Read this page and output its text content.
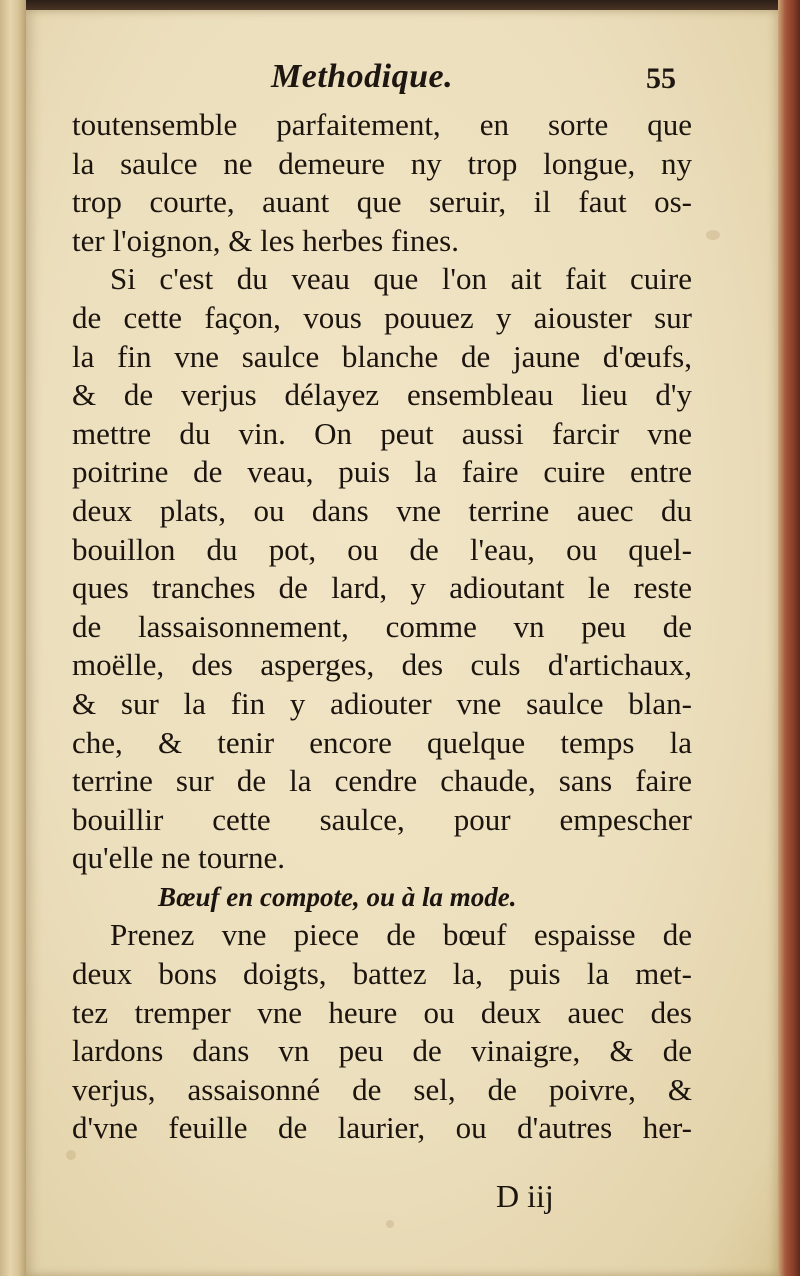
Methodique.	55
toutensemble parfaitement, en sorte que
la saulce ne demeure ny trop longue, ny
trop courte, auant que seruir, il faut os-
ter l'oignon, & les herbes fines.
Si c'est du veau que l'on ait fait cuire
de cette façon, vous pouuez y aiouster sur
la fin vne saulce blanche de jaune d'œufs,
& de verjus délayez ensembleau lieu d'y
mettre du vin. On peut aussi farcir vne
poitrine de veau, puis la faire cuire entre
deux plats, ou dans vne terrine auec du
bouillon du pot, ou de l'eau, ou quel-
ques tranches de lard, y adioutant le reste
de lassaisonnement, comme vn peu de
moëlle, des asperges, des culs d'artichaux,
& sur la fin y adiouter vne saulce blan-
che, & tenir encore quelque temps la
terrine sur de la cendre chaude, sans faire
bouillir cette saulce, pour empescher
qu'elle ne tourne.
Bœuf en compote, ou à la mode.
Prenez vne piece de bœuf espaisse de
deux bons doigts, battez la, puis la met-
tez tremper vne heure ou deux auec des
lardons dans vn peu de vinaigre, & de
verjus, assaisonné de sel, de poivre, &
d'vne feuille de laurier, ou d'autres her-
D iij
